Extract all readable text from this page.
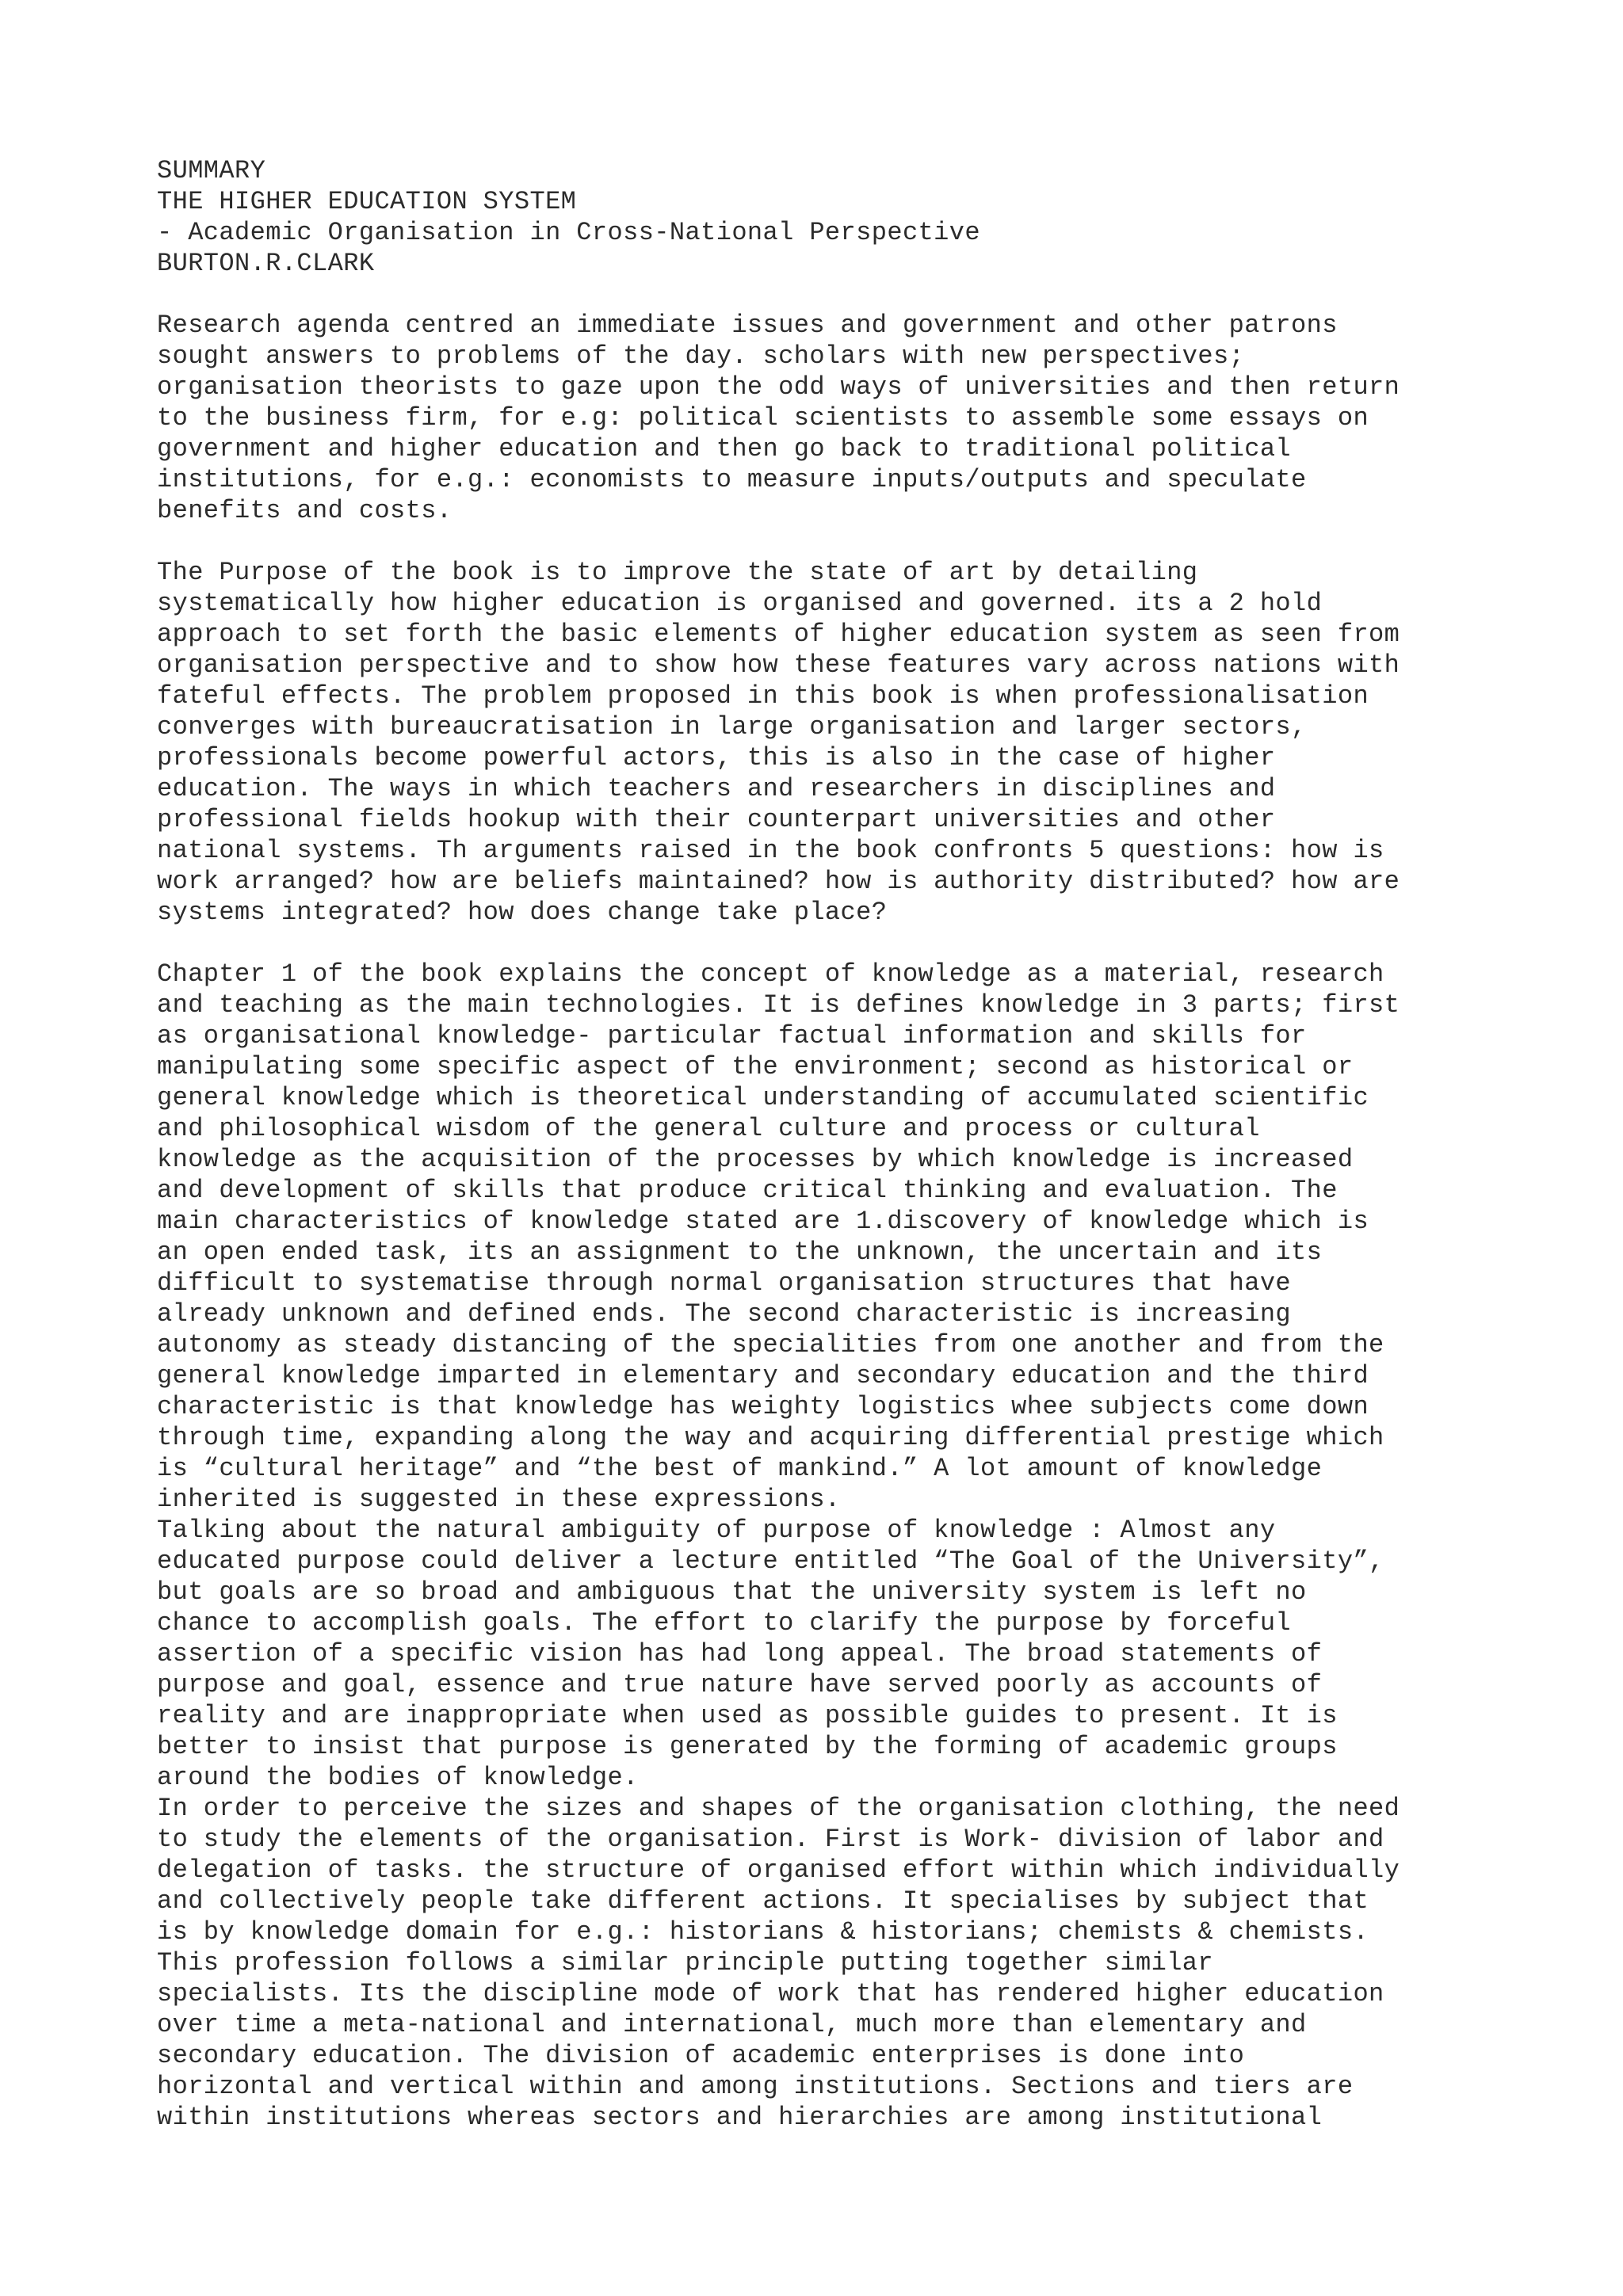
SUMMARY
THE HIGHER EDUCATION SYSTEM
- Academic Organisation in Cross-National Perspective
BURTON.R.CLARK
Research agenda centred an immediate issues and government and other patrons
sought answers to problems of the day. scholars with new perspectives;
organisation theorists to gaze upon the odd ways of universities and then return
to the business firm, for e.g: political scientists to assemble some essays on
government and higher education and then go back to traditional political
institutions, for e.g.: economists to measure inputs/outputs and speculate
benefits and costs.
The Purpose of the book is to improve the state of art by detailing
systematically how higher education is organised and governed. its a 2 hold
approach to set forth the basic elements of higher education system as seen from
organisation perspective and to show how these features vary across nations with
fateful effects. The problem proposed in this book is when professionalisation
converges with bureaucratisation in large organisation and larger sectors,
professionals become powerful actors, this is also in the case of higher
education. The ways in which teachers and researchers in disciplines and
professional fields hookup with their counterpart universities and other
national systems. Th arguments raised in the book confronts 5 questions: how is
work arranged? how are beliefs maintained? how is authority distributed? how are
systems integrated? how does change take place?
Chapter 1 of the book explains the concept of knowledge as a material, research
and teaching as the main technologies. It is defines knowledge in 3 parts; first
as organisational knowledge- particular factual information and skills for
manipulating some specific aspect of the environment; second as historical or
general knowledge which is theoretical understanding of accumulated scientific
and philosophical wisdom of the general culture and process or cultural
knowledge as the acquisition of the processes by which knowledge is increased
and development of skills that produce critical thinking and evaluation. The
main characteristics of knowledge stated are 1.discovery of knowledge which is
an open ended task, its an assignment to the unknown, the uncertain and its
difficult to systematise through normal organisation structures that have
already unknown and defined ends. The second characteristic is increasing
autonomy as steady distancing of the specialities from one another and from the
general knowledge imparted in elementary and secondary education and the third
characteristic is that knowledge has weighty logistics whee subjects come down
through time, expanding along the way and acquiring differential prestige which
is “cultural heritage” and “the best of mankind.” A lot amount of knowledge
inherited is suggested in these expressions.
Talking about the natural ambiguity of purpose of knowledge : Almost any
educated purpose could deliver a lecture entitled “The Goal of the University”,
but goals are so broad and ambiguous that the university system is left no
chance to accomplish goals. The effort to clarify the purpose by forceful
assertion of a specific vision has had long appeal. The broad statements of
purpose and goal, essence and true nature have served poorly as accounts of
reality and are inappropriate when used as possible guides to present. It is
better to insist that purpose is generated by the forming of academic groups
around the bodies of knowledge.
In order to perceive the sizes and shapes of the organisation clothing, the need
to study the elements of the organisation. First is Work- division of labor and
delegation of tasks. the structure of organised effort within which individually
and collectively people take different actions. It specialises by subject that
is by knowledge domain for e.g.: historians & historians; chemists & chemists.
This profession follows a similar principle putting together similar
specialists. Its the discipline mode of work that has rendered higher education
over time a meta-national and international, much more than elementary and
secondary education. The division of academic enterprises is done into
horizontal and vertical within and among institutions. Sections and tiers are
within institutions whereas sectors and hierarchies are among institutional
